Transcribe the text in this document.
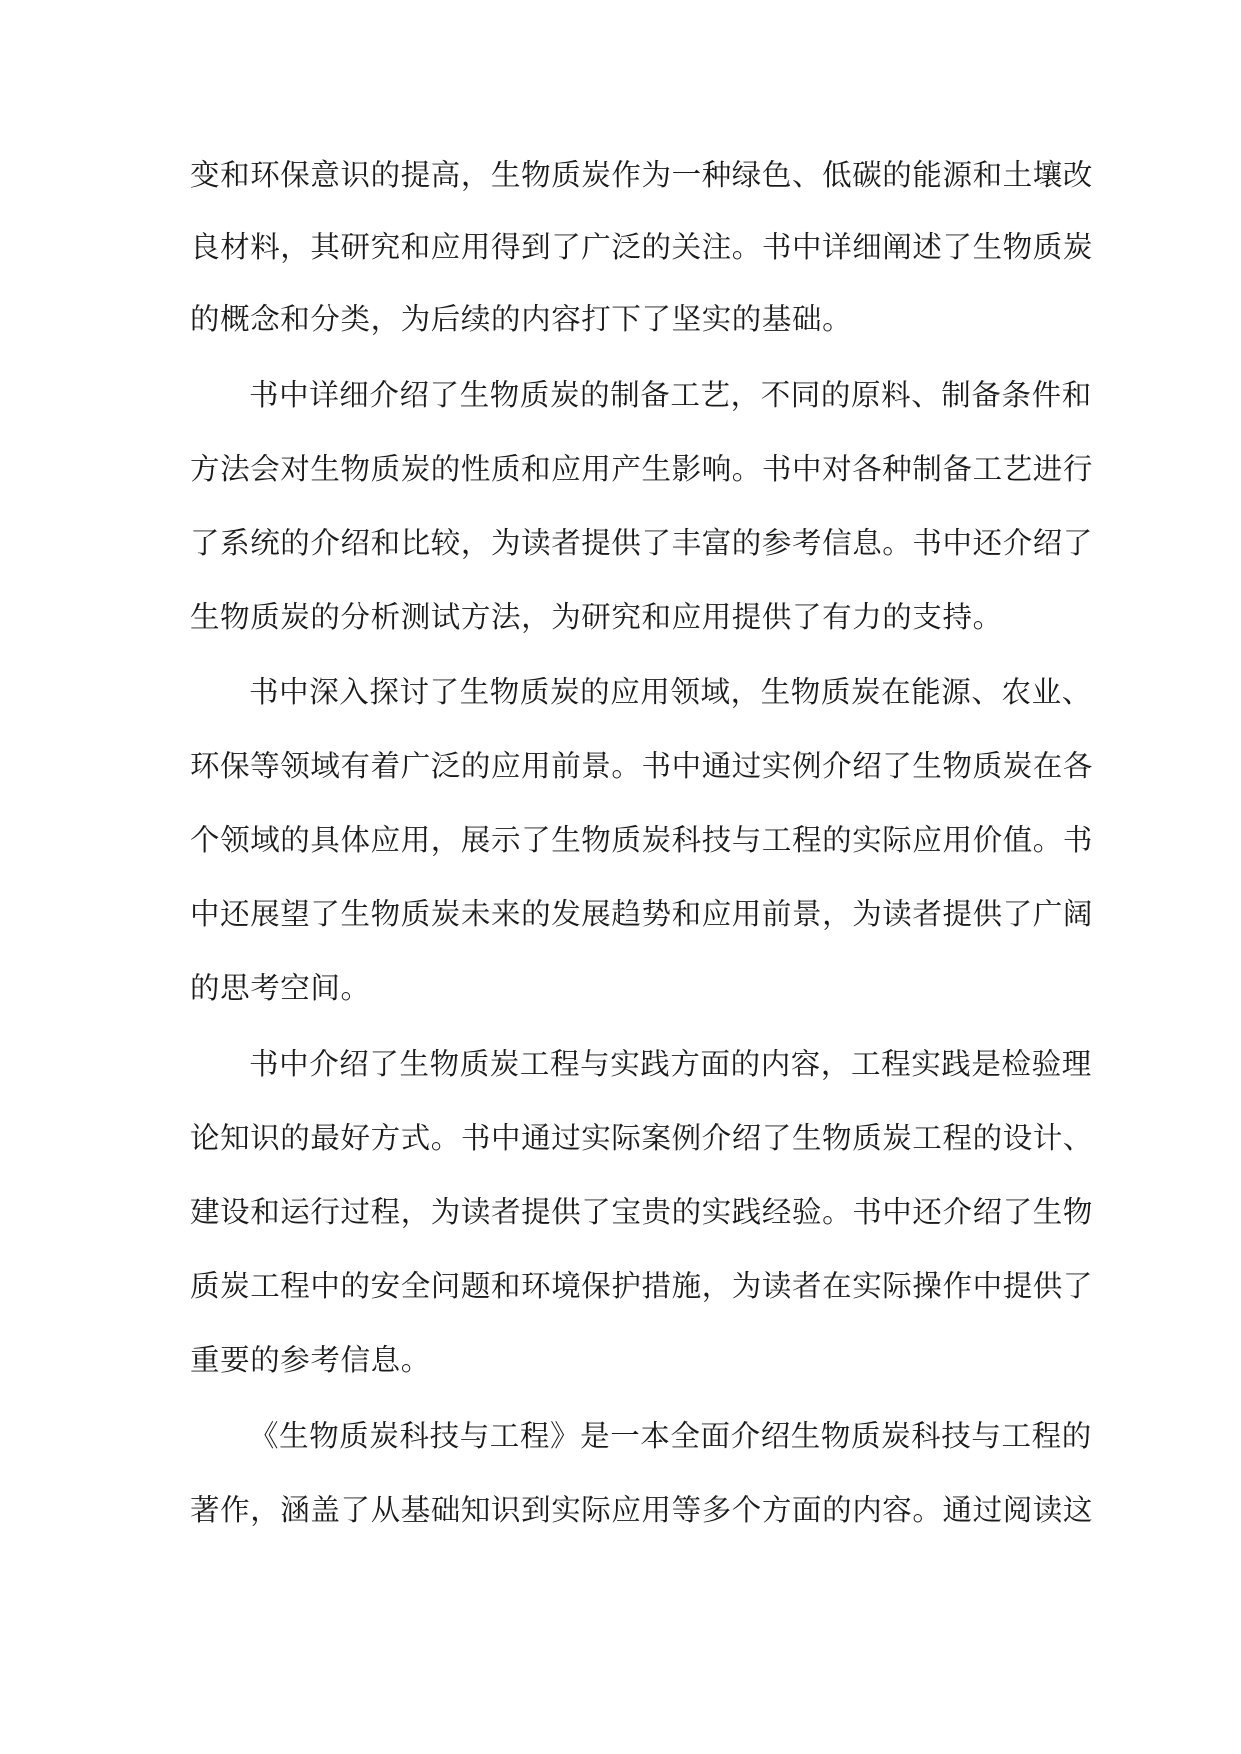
变和环保意识的提高，生物质炭作为一种绿色、低碳的能源和土壤改
良材料，其研究和应用得到了广泛的关注。书中详细阐述了生物质炭
的概念和分类，为后续的内容打下了坚实的基础。
书中详细介绍了生物质炭的制备工艺，不同的原料、制备条件和
方法会对生物质炭的性质和应用产生影响。书中对各种制备工艺进行
了系统的介绍和比较，为读者提供了丰富的参考信息。书中还介绍了
生物质炭的分析测试方法，为研究和应用提供了有力的支持。
书中深入探讨了生物质炭的应用领域，生物质炭在能源、农业、
环保等领域有着广泛的应用前景。书中通过实例介绍了生物质炭在各
个领域的具体应用，展示了生物质炭科技与工程的实际应用价值。书
中还展望了生物质炭未来的发展趋势和应用前景，为读者提供了广阔
的思考空间。
书中介绍了生物质炭工程与实践方面的内容，工程实践是检验理
论知识的最好方式。书中通过实际案例介绍了生物质炭工程的设计、
建设和运行过程，为读者提供了宝贵的实践经验。书中还介绍了生物
质炭工程中的安全问题和环境保护措施，为读者在实际操作中提供了
重要的参考信息。
《生物质炭科技与工程》是一本全面介绍生物质炭科技与工程的
著作，涵盖了从基础知识到实际应用等多个方面的内容。通过阅读这
